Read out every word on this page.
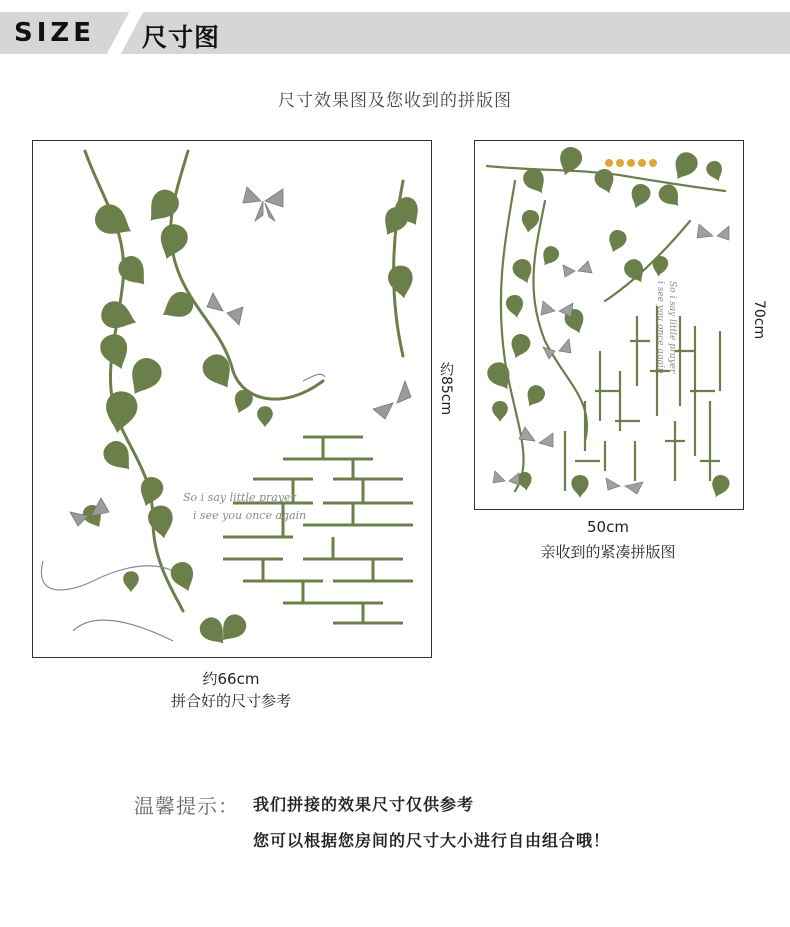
SIZE 尺寸图
尺寸效果图及您收到的拼版图
So i say little prayer
i see you once again
约85cm
约66cm
拼合好的尺寸参考
So i say little prayer
i see you once again	70cm
50cm
亲收到的紧凑拼版图
温馨提示： 我们拼接的效果尺寸仅供参考
您可以根据您房间的尺寸大小进行自由组合哦！
